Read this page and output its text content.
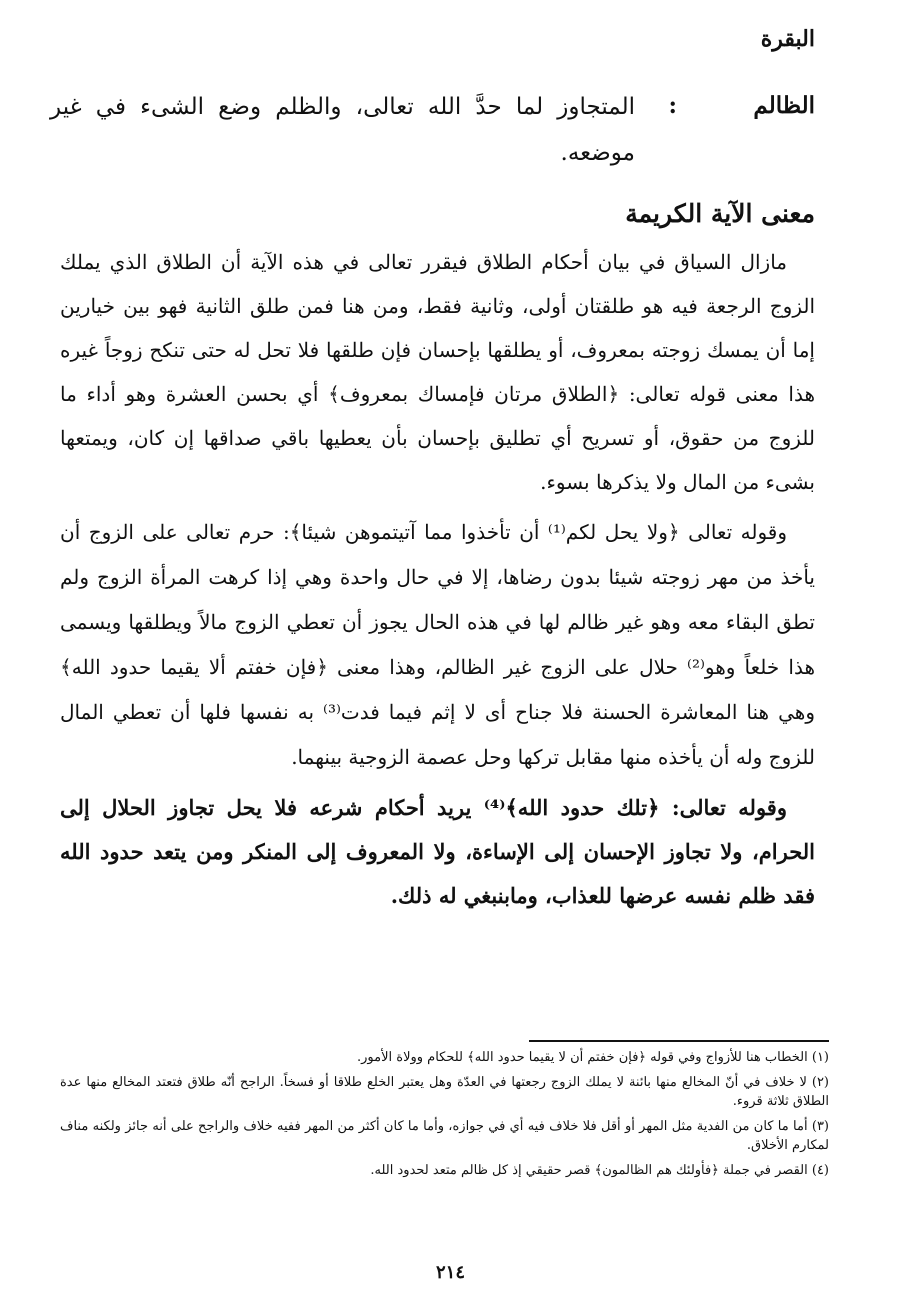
البقرة
الظالم
:
المتجاوز لما حدَّ الله تعالى، والظلم وضع الشىء في غير موضعه.
معنى الآية الكريمة

مازال السياق في بيان أحكام الطلاق فيقرر تعالى في هذه الآية أن الطلاق الذي يملك الزوج الرجعة فيه هو طلقتان أولى، وثانية فقط، ومن هنا فمن طلق الثانية فهو بين خيارين إما أن يمسك زوجته بمعروف، أو يطلقها بإحسان فإن طلقها فلا تحل له حتى تنكح زوجاً غيره هذا معنى قوله تعالى: ﴿الطلاق مرتان فإمساك بمعروف﴾ أي بحسن العشرة وهو أداء ما للزوج من حقوق، أو تسريح أي تطليق بإحسان بأن يعطيها باقي صداقها إن كان، ويمتعها بشىء من المال ولا يذكرها بسوء.

وقوله تعالى ﴿ولا يحل لكم⁽¹⁾ أن تأخذوا مما آتيتموهن شيئا﴾: حرم تعالى على الزوج أن يأخذ من مهر زوجته شيئا بدون رضاها، إلا في حال واحدة وهي إذا كرهت المرأة الزوج ولم تطق البقاء معه وهو غير ظالم لها في هذه الحال يجوز أن تعطي الزوج مالاً ويطلقها ويسمى هذا خلعاً وهو⁽²⁾ حلال على الزوج غير الظالم، وهذا معنى ﴿فإن خفتم ألا يقيما حدود الله﴾ وهي هنا المعاشرة الحسنة فلا جناح أى لا إثم فيما فدت⁽³⁾ به نفسها فلها أن تعطي المال للزوج وله أن يأخذه منها مقابل تركها وحل عصمة الزوجية بينهما.

وقوله تعالى: ﴿تلك حدود الله﴾⁽⁴⁾ يريد أحكام شرعه فلا يحل تجاوز الحلال إلى الحرام، ولا تجاوز الإحسان إلى الإساءة، ولا المعروف إلى المنكر ومن يتعد حدود الله فقد ظلم نفسه عرضها للعذاب، ومابنبغي له ذلك.

(١) الخطاب هنا للأزواج وفي قوله ﴿فإن خفتم أن لا يقيما حدود الله﴾ للحكام وولاة الأمور.

(٢) لا خلاف في أنّ المخالع منها بائنة لا يملك الزوج رجعتها في العدّة وهل يعتبر الخلع طلاقا أو فسخاً. الراجح أنّه طلاق فتعتد المخالع منها عدة الطلاق ثلاثة قروء.

(٣) أما ما كان من الفدية مثل المهر أو أقل فلا خلاف فيه أي في جوازه، وأما ما كان أكثر من المهر ففيه خلاف والراجح على أنه جائز ولكنه مناف لمكارم الأخلاق.

(٤) القصر في جملة ﴿فأولئك هم الظالمون﴾ قصر حقيقي إذ كل ظالم متعد لحدود الله.

٢١٤
